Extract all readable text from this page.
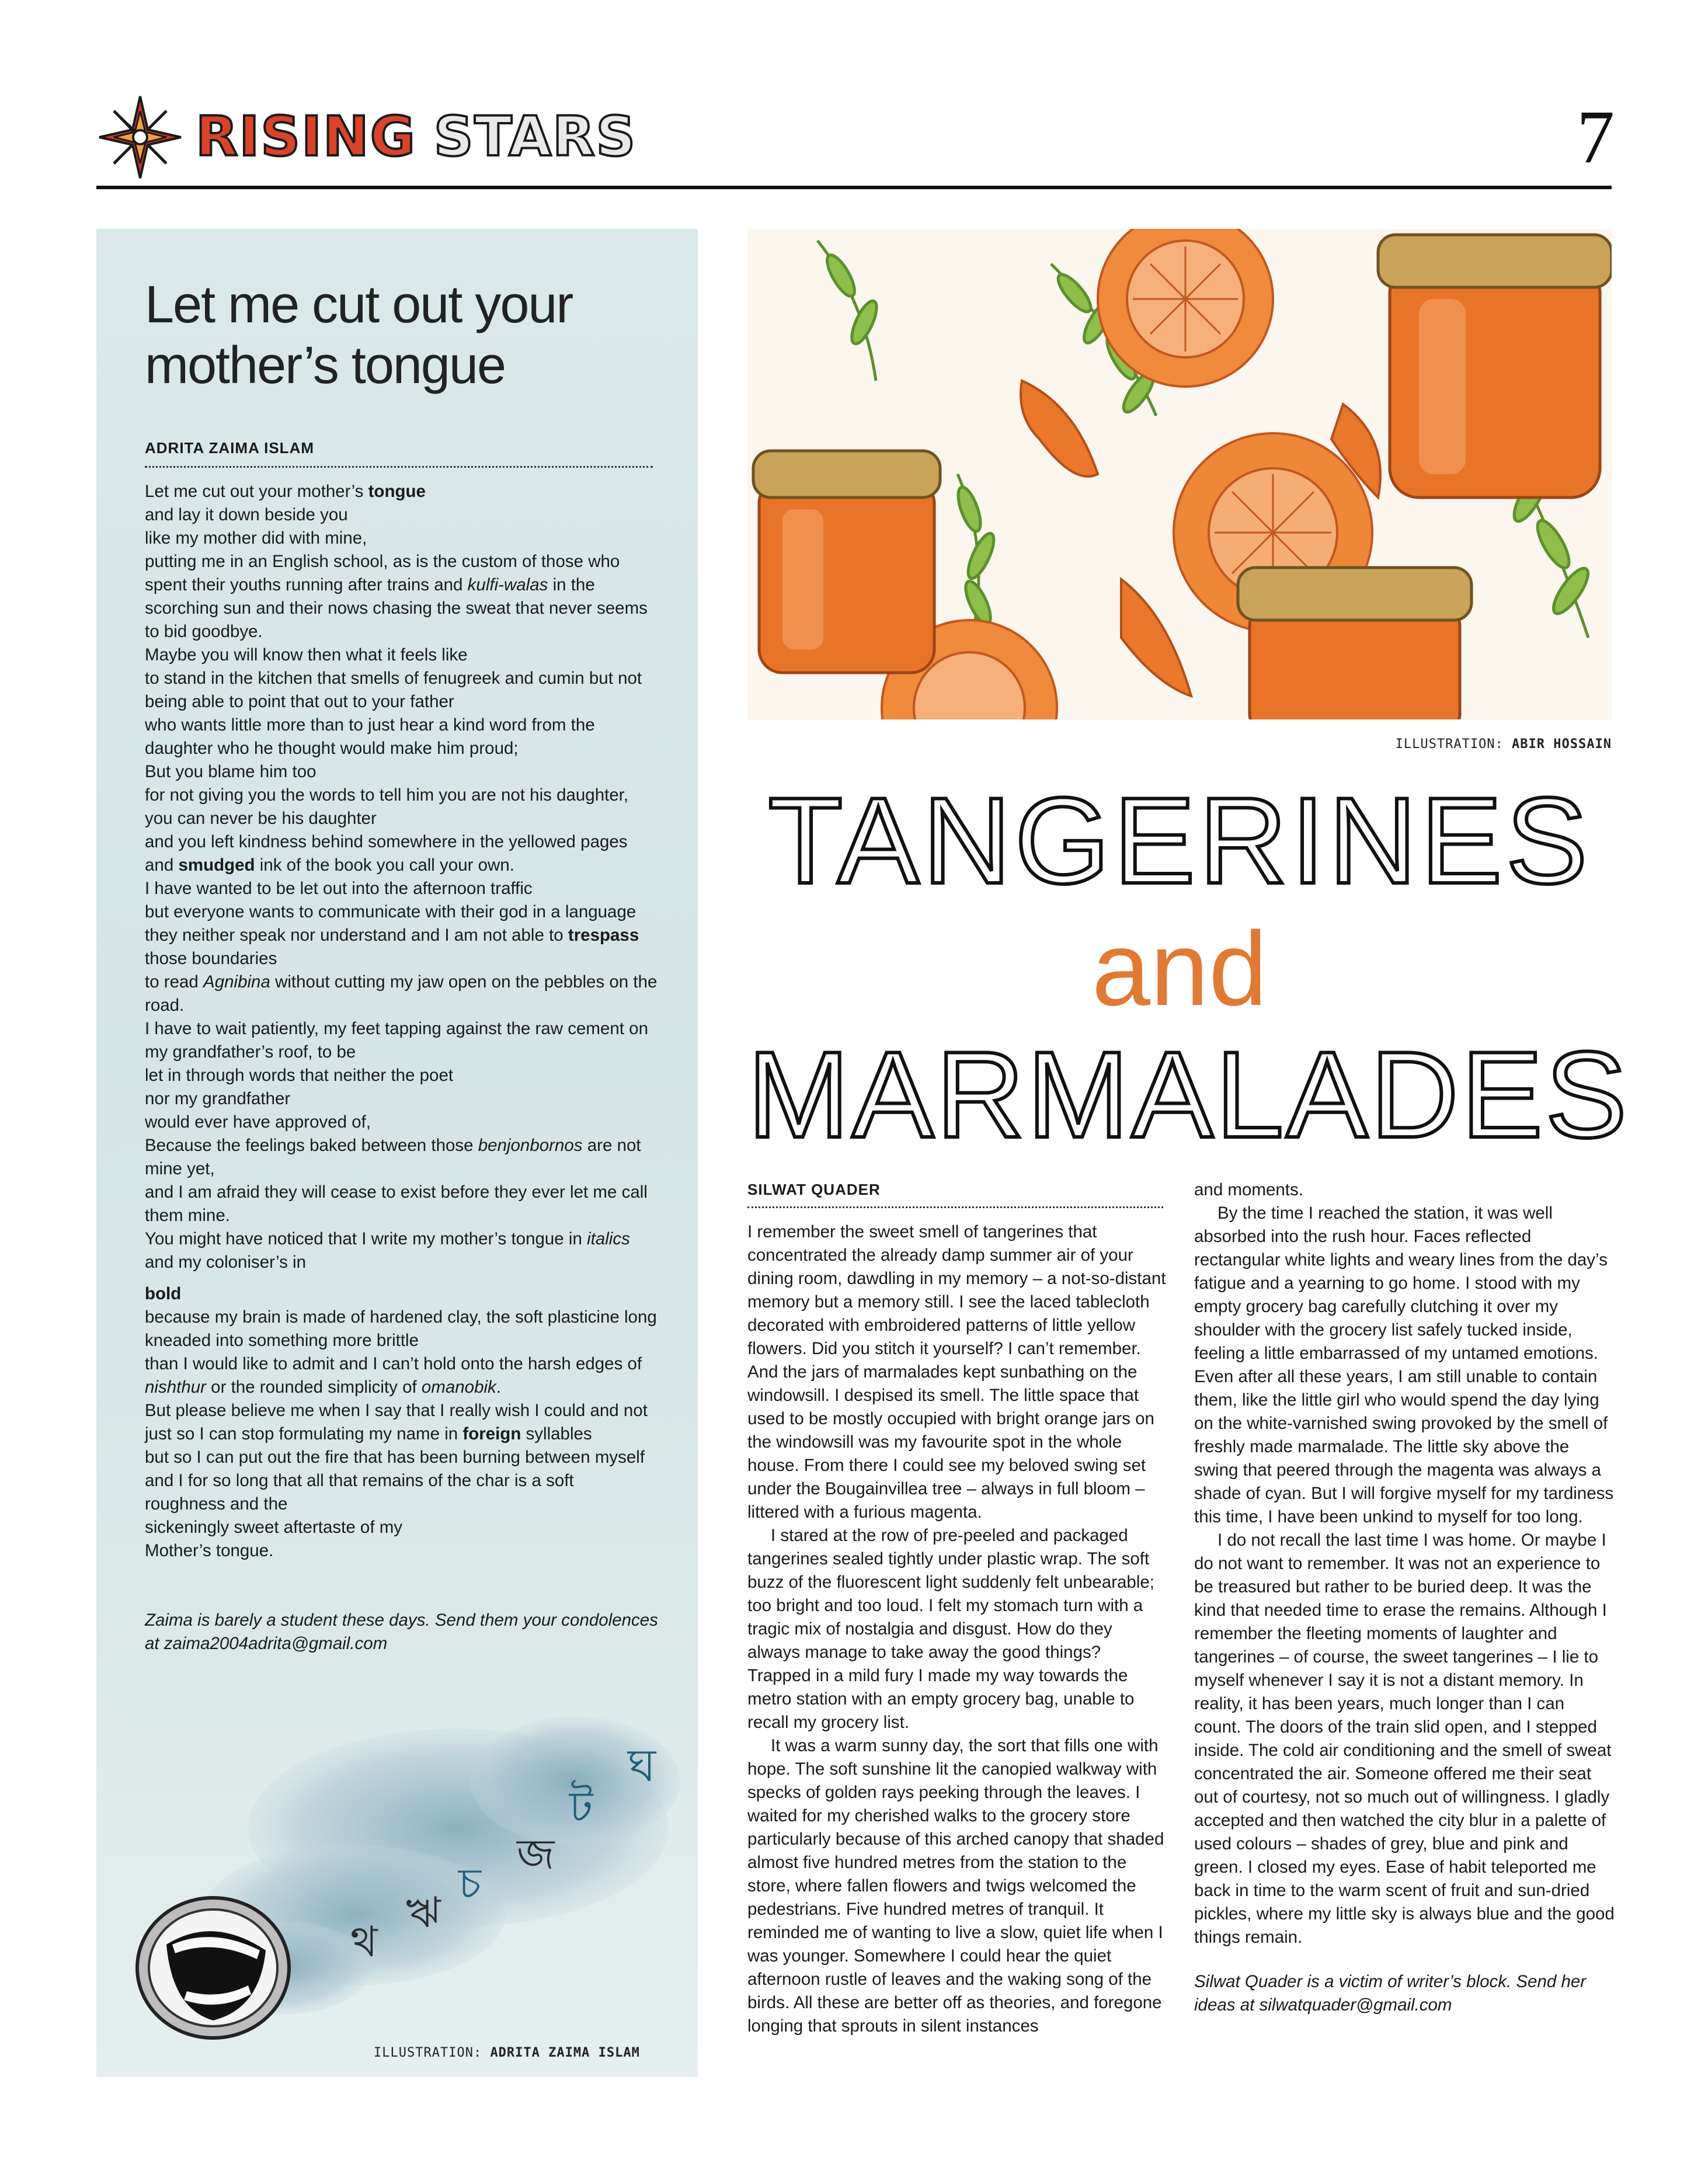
RISING STARS	7
Let me cut out your mother’s tongue
ADRITA ZAIMA ISLAM

Let me cut out your mother’s tongue

and lay it down beside you

like my mother did with mine,

putting me in an English school, as is the custom of those who spent their youths running after trains and kulfi-walas in the scorching sun and their nows chasing the sweat that never seems to bid goodbye.

Maybe you will know then what it feels like

to stand in the kitchen that smells of fenugreek and cumin but not being able to point that out to your father

who wants little more than to just hear a kind word from the daughter who he thought would make him proud;

But you blame him too

for not giving you the words to tell him you are not his daughter, you can never be his daughter

and you left kindness behind somewhere in the yellowed pages and smudged ink of the book you call your own.

I have wanted to be let out into the afternoon traffic

but everyone wants to communicate with their god in a language they neither speak nor understand and I am not able to trespass those boundaries

to read Agnibina without cutting my jaw open on the pebbles on the road.

I have to wait patiently, my feet tapping against the raw cement on my grandfather’s roof, to be

let in through words that neither the poet

nor my grandfather

would ever have approved of,

Because the feelings baked between those benjonbornos are not mine yet,

and I am afraid they will cease to exist before they ever let me call them mine.

You might have noticed that I write my mother’s tongue in italics

and my coloniser’s in

bold

because my brain is made of hardened clay, the soft plasticine long kneaded into something more brittle

than I would like to admit and I can’t hold onto the harsh edges of nishthur or the rounded simplicity of omanobik.

But please believe me when I say that I really wish I could and not just so I can stop formulating my name in foreign syllables

but so I can put out the fire that has been burning between myself and I for so long that all that remains of the char is a soft roughness and the

sickeningly sweet aftertaste of my

Mother’s tongue.

Zaima is barely a student these days. Send them your condolences at zaima2004adrita@gmail.com
ঘ
ট
জ
চ
ঋ
থ
ILLUSTRATION: ADRITA ZAIMA ISLAM
ILLUSTRATION: ABIR HOSSAIN
TANGERINES
and
MARMALADES
SILWAT QUADER

I remember the sweet smell of tangerines that concentrated the already damp summer air of your dining room, dawdling in my memory – a not-so-distant memory but a memory still. I see the laced tablecloth decorated with embroidered patterns of little yellow flowers. Did you stitch it yourself? I can’t remember. And the jars of marmalades kept sunbathing on the windowsill. I despised its smell. The little space that used to be mostly occupied with bright orange jars on the windowsill was my favourite spot in the whole house. From there I could see my beloved swing set under the Bougainvillea tree – always in full bloom – littered with a furious magenta.

I stared at the row of pre-peeled and packaged tangerines sealed tightly under plastic wrap. The soft buzz of the fluorescent light suddenly felt unbearable; too bright and too loud. I felt my stomach turn with a tragic mix of nostalgia and disgust. How do they always manage to take away the good things? Trapped in a mild fury I made my way towards the metro station with an empty grocery bag, unable to recall my grocery list.

It was a warm sunny day, the sort that fills one with hope. The soft sunshine lit the canopied walkway with specks of golden rays peeking through the leaves. I waited for my cherished walks to the grocery store particularly because of this arched canopy that shaded almost five hundred metres from the station to the store, where fallen flowers and twigs welcomed the pedestrians. Five hundred metres of tranquil. It reminded me of wanting to live a slow, quiet life when I was younger. Somewhere I could hear the quiet afternoon rustle of leaves and the waking song of the birds. All these are better off as theories, and foregone longing that sprouts in silent instances

and moments.

By the time I reached the station, it was well absorbed into the rush hour. Faces reflected rectangular white lights and weary lines from the day’s fatigue and a yearning to go home. I stood with my empty grocery bag carefully clutching it over my shoulder with the grocery list safely tucked inside, feeling a little embarrassed of my untamed emotions. Even after all these years, I am still unable to contain them, like the little girl who would spend the day lying on the white-varnished swing provoked by the smell of freshly made marmalade. The little sky above the swing that peered through the magenta was always a shade of cyan. But I will forgive myself for my tardiness this time, I have been unkind to myself for too long.

I do not recall the last time I was home. Or maybe I do not want to remember. It was not an experience to be treasured but rather to be buried deep. It was the kind that needed time to erase the remains. Although I remember the fleeting moments of laughter and tangerines – of course, the sweet tangerines – I lie to myself whenever I say it is not a distant memory. In reality, it has been years, much longer than I can count. The doors of the train slid open, and I stepped inside. The cold air conditioning and the smell of sweat concentrated the air. Someone offered me their seat out of courtesy, not so much out of willingness. I gladly accepted and then watched the city blur in a palette of used colours – shades of grey, blue and pink and green. I closed my eyes. Ease of habit teleported me back in time to the warm scent of fruit and sun-dried pickles, where my little sky is always blue and the good things remain.

Silwat Quader is a victim of writer’s block. Send her ideas at silwatquader@gmail.com
